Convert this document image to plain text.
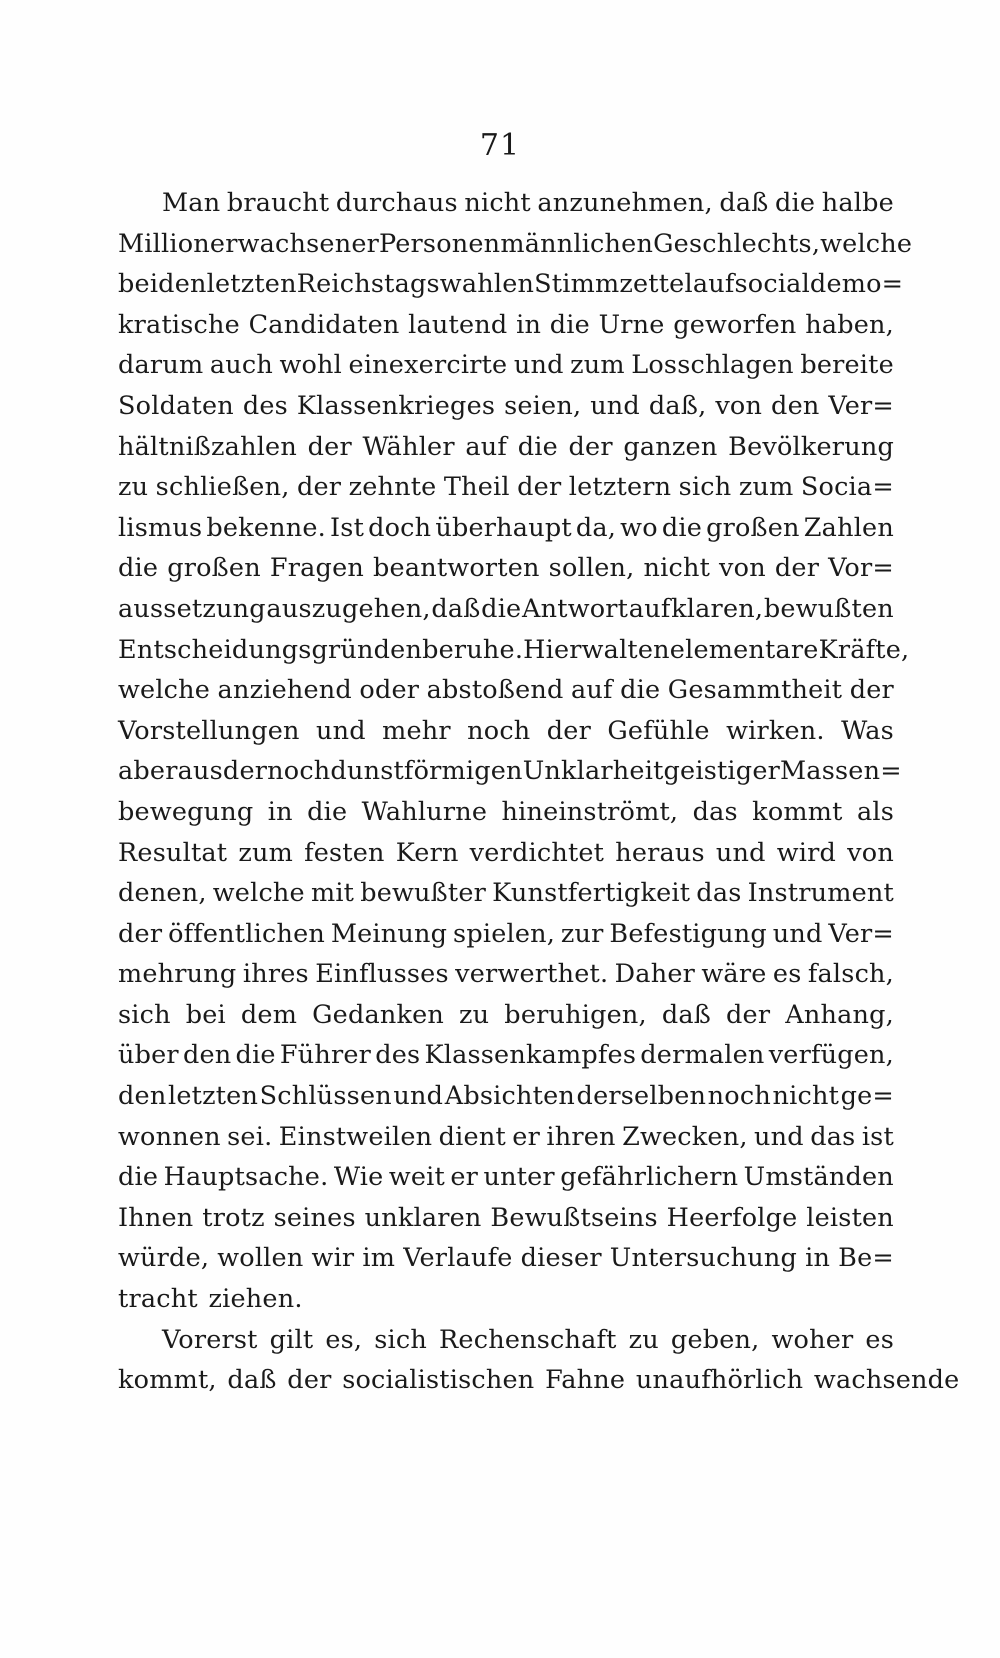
71
Man braucht durchaus nicht anzunehmen, daß die halbe
Million erwachsener Personen männlichen Geschlechts, welche
bei den letzten Reichstagswahlen Stimmzettel auf socialdemo=
kratische Candidaten lautend in die Urne geworfen haben,
darum auch wohl einexercirte und zum Losschlagen bereite
Soldaten des Klassenkrieges seien, und daß, von den Ver=
hältnißzahlen der Wähler auf die der ganzen Bevölkerung
zu schließen, der zehnte Theil der letztern sich zum Socia=
lismus bekenne. Ist doch überhaupt da, wo die großen Zahlen
die großen Fragen beantworten sollen, nicht von der Vor=
aussetzung auszugehen, daß die Antwort auf klaren, bewußten
Entscheidungsgründen beruhe. Hier walten elementare Kräfte,
welche anziehend oder abstoßend auf die Gesammtheit der
Vorstellungen und mehr noch der Gefühle wirken. Was
aber aus der noch dunstförmigen Unklarheit geistiger Massen=
bewegung in die Wahlurne hineinströmt, das kommt als
Resultat zum festen Kern verdichtet heraus und wird von
denen, welche mit bewußter Kunstfertigkeit das Instrument
der öffentlichen Meinung spielen, zur Befestigung und Ver=
mehrung ihres Einflusses verwerthet. Daher wäre es falsch,
sich bei dem Gedanken zu beruhigen, daß der Anhang,
über den die Führer des Klassenkampfes dermalen verfügen,
den letzten Schlüssen und Absichten derselben noch nicht ge=
wonnen sei. Einstweilen dient er ihren Zwecken, und das ist
die Hauptsache. Wie weit er unter gefährlichern Umständen
Ihnen trotz seines unklaren Bewußtseins Heerfolge leisten
würde, wollen wir im Verlaufe dieser Untersuchung in Be=
tracht ziehen.
Vorerst gilt es, sich Rechenschaft zu geben, woher es
kommt, daß der socialistischen Fahne unaufhörlich wachsende
